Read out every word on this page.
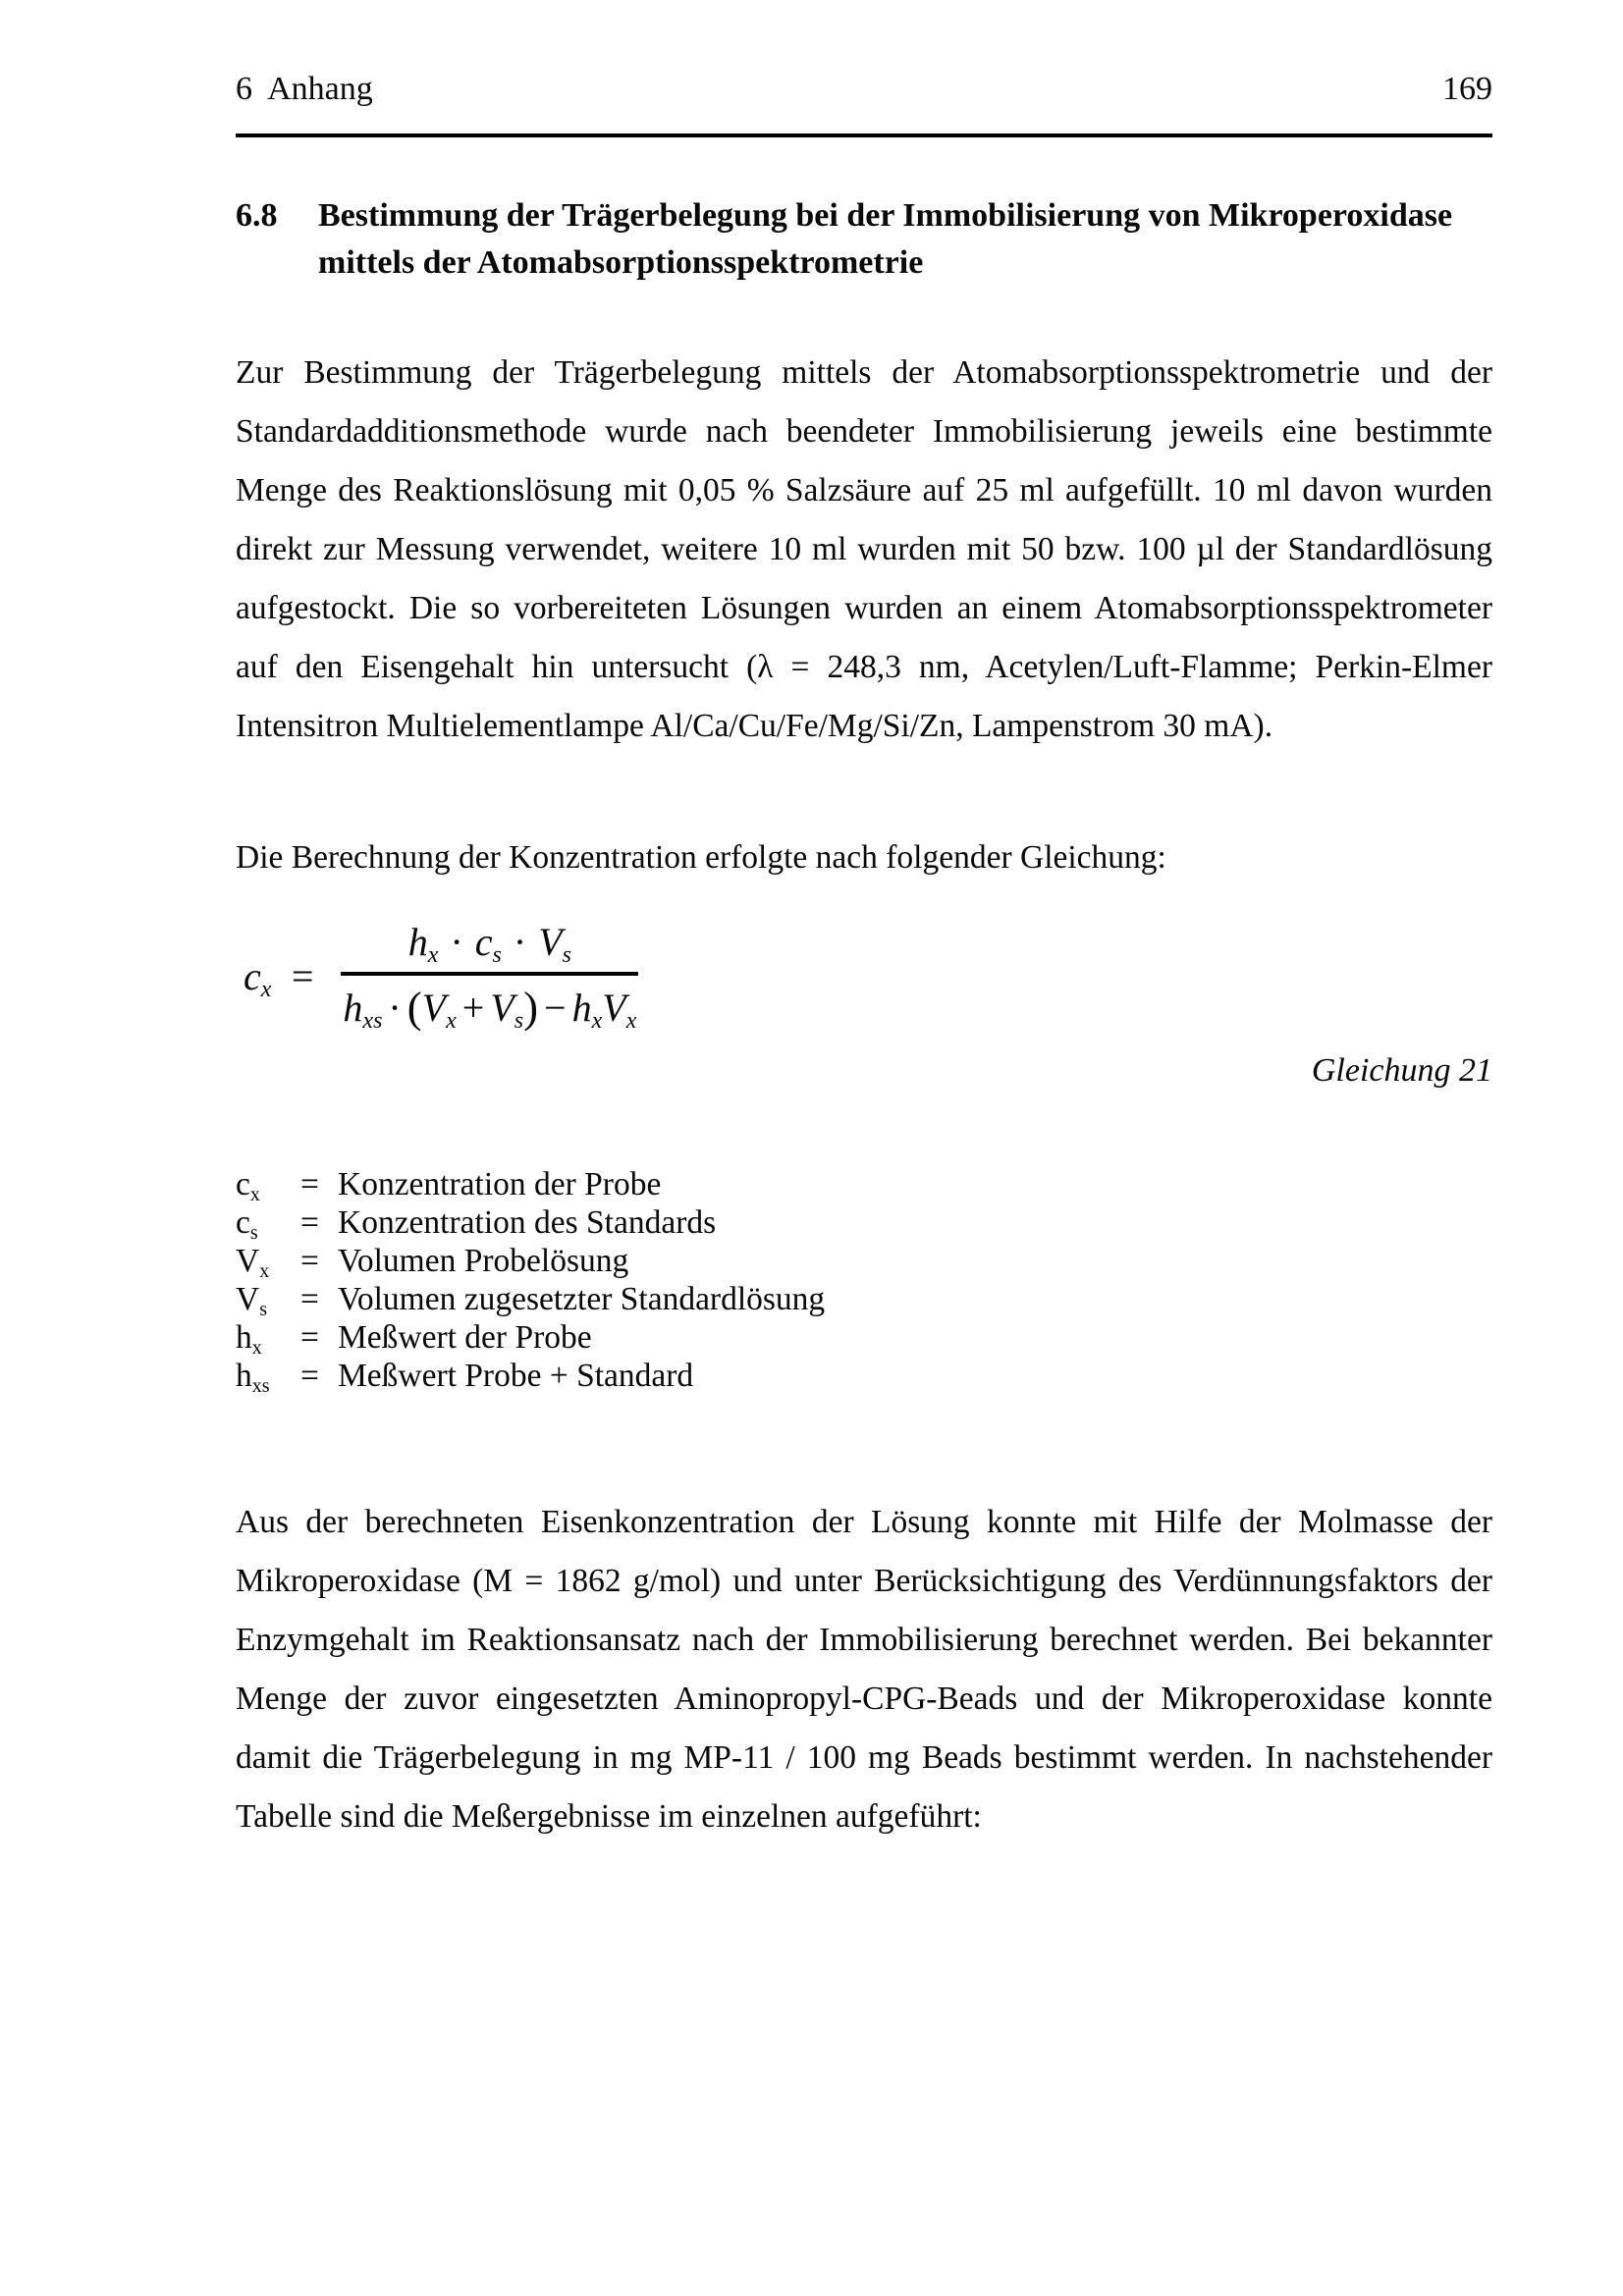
6  Anhang	169
6.8	Bestimmung der Trägerbelegung bei der Immobilisierung von Mikroperoxidase mittels der Atomabsorptionsspektrometrie

Zur Bestimmung der Trägerbelegung mittels der Atomabsorptionsspektrometrie und der Standardadditionsmethode wurde nach beendeter Immobilisierung jeweils eine bestimmte Menge des Reaktionslösung mit 0,05 % Salzsäure auf 25 ml aufgefüllt. 10 ml davon wurden direkt zur Messung verwendet, weitere 10 ml wurden mit 50 bzw. 100 µl der Standardlösung aufgestockt. Die so vorbereiteten Lösungen wurden an einem Atomabsorptionsspektrometer auf den Eisengehalt hin untersucht (λ = 248,3 nm, Acetylen/Luft-Flamme; Perkin-Elmer Intensitron Multielementlampe Al/Ca/Cu/Fe/Mg/Si/Zn, Lampenstrom 30 mA).

Die Berechnung der Konzentration erfolgte nach folgender Gleichung:

$c_x$ =
$h_x \cdot c_s \cdot V_s$
$h_{xs}$ · ( $V_x + V_s$ ) − $h_x$ $V_x$
Gleichung 21
$c_x$	= Konzentration der Probe
$c_s$	= Konzentration des Standards
$V_x$ = Volumen Probelösung
$V_s$	= Volumen zugesetzter Standardlösung
$h_x$	= Meßwert der Probe
$h_{xs}$ = Meßwert Probe + Standard

Aus der berechneten Eisenkonzentration der Lösung konnte mit Hilfe der Molmasse der Mikroperoxidase (M = 1862 g/mol) und unter Berücksichtigung des Verdünnungsfaktors der Enzymgehalt im Reaktionsansatz nach der Immobilisierung berechnet werden. Bei bekannter Menge der zuvor eingesetzten Aminopropyl-CPG-Beads und der Mikroperoxidase konnte damit die Trägerbelegung in mg MP-11 / 100 mg Beads bestimmt werden. In nachstehender Tabelle sind die Meßergebnisse im einzelnen aufgeführt:
